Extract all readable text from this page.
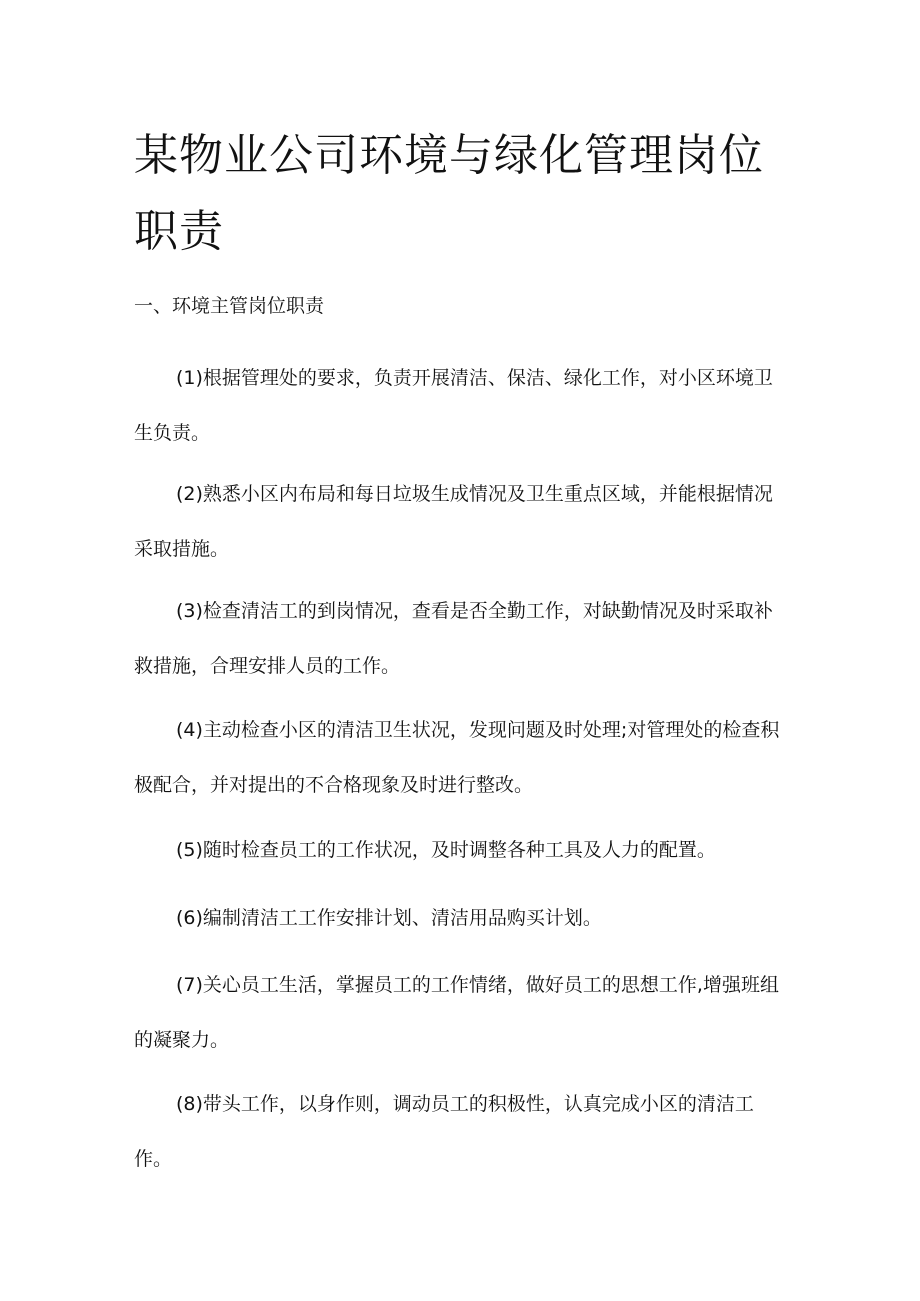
某物业公司环境与绿化管理岗位职责
一、环境主管岗位职责
(1)根据管理处的要求，负责开展清洁、保洁、绿化工作，对小区环境卫生负责。
(2)熟悉小区内布局和每日垃圾生成情况及卫生重点区域，并能根据情况采取措施。
(3)检查清洁工的到岗情况，查看是否全勤工作，对缺勤情况及时采取补救措施，合理安排人员的工作。
(4)主动检查小区的清洁卫生状况，发现问题及时处理;对管理处的检查积极配合，并对提出的不合格现象及时进行整改。
(5)随时检查员工的工作状况，及时调整各种工具及人力的配置。
(6)编制清洁工工作安排计划、清洁用品购买计划。
(7)关心员工生活，掌握员工的工作情绪，做好员工的思想工作,增强班组的凝聚力。
(8)带头工作，以身作则，调动员工的积极性，认真完成小区的清洁工作。
